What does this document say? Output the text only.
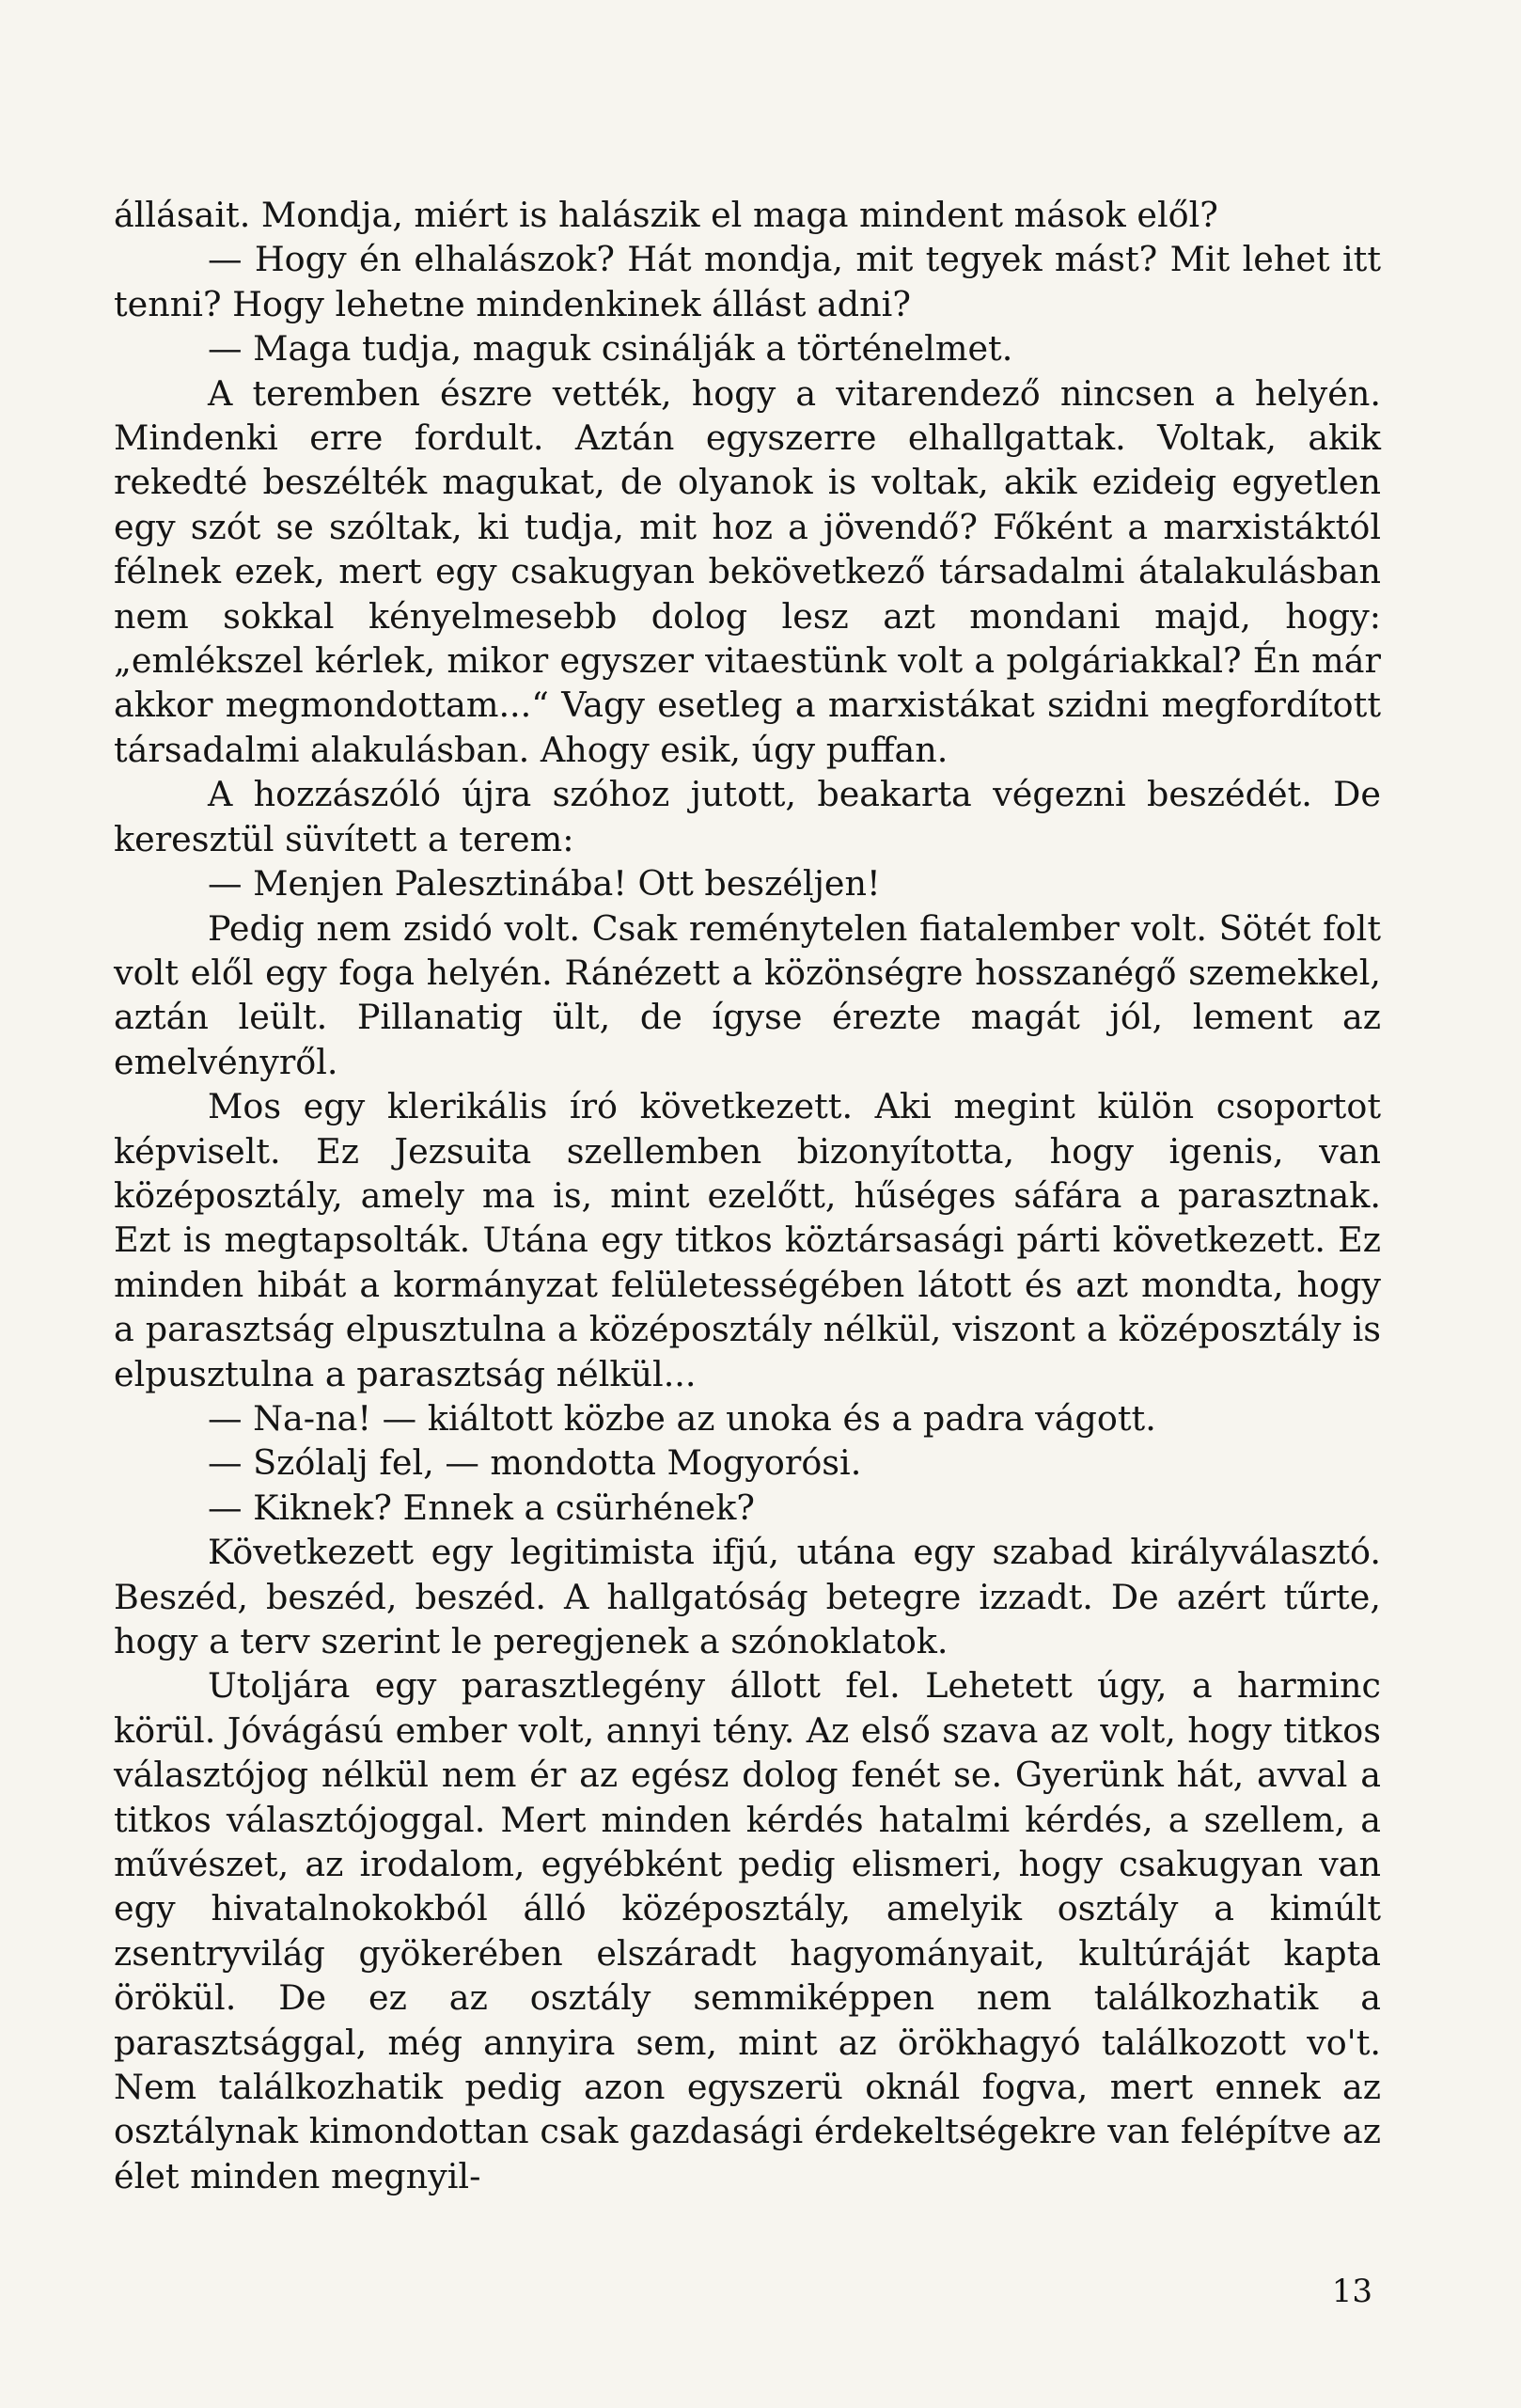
állásait. Mondja, miért is halászik el maga mindent mások elől?

— Hogy én elhalászok? Hát mondja, mit tegyek mást? Mit lehet itt tenni? Hogy lehetne mindenkinek állást adni?

— Maga tudja, maguk csinálják a történelmet.

A teremben észre vették, hogy a vitarendező nincsen a helyén. Mindenki erre fordult. Aztán egyszerre elhallgattak. Voltak, akik rekedté beszélték magukat, de olyanok is voltak, akik ezideig egyetlen egy szót se szóltak, ki tudja, mit hoz a jövendő? Főként a marxistáktól félnek ezek, mert egy csakugyan bekövetkező társadalmi átalakulásban nem sokkal kényelmesebb dolog lesz azt mondani majd, hogy: „emlékszel kérlek, mikor egyszer vitaestünk volt a polgáriakkal? Én már akkor megmondottam...“ Vagy esetleg a marxistákat szidni megfordított társadalmi alakulásban. Ahogy esik, úgy puffan.

A hozzászóló újra szóhoz jutott, beakarta végezni beszédét. De keresztül süvített a terem:

— Menjen Palesztinába! Ott beszéljen!

Pedig nem zsidó volt. Csak reménytelen fiatalember volt. Sötét folt volt elől egy foga helyén. Ránézett a közönségre hosszanégő szemekkel, aztán leült. Pillanatig ült, de ígyse érezte magát jól, lement az emelvényről.

Mos egy klerikális író következett. Aki megint külön csoportot képviselt. Ez Jezsuita szellemben bizonyította, hogy igenis, van középosztály, amely ma is, mint ezelőtt, hűséges sáfára a parasztnak. Ezt is megtapsolták. Utána egy titkos köztársasági párti következett. Ez minden hibát a kormányzat felületességében látott és azt mondta, hogy a parasztság elpusztulna a középosztály nélkül, viszont a középosztály is elpusztulna a parasztság nélkül...

— Na-na! — kiáltott közbe az unoka és a padra vágott.

— Szólalj fel, — mondotta Mogyorósi.

— Kiknek? Ennek a csürhének?

Következett egy legitimista ifjú, utána egy szabad királyválasztó. Beszéd, beszéd, beszéd. A hallgatóság betegre izzadt. De azért tűrte, hogy a terv szerint le peregjenek a szónoklatok.

Utoljára egy parasztlegény állott fel. Lehetett úgy, a harminc körül. Jóvágású ember volt, annyi tény. Az első szava az volt, hogy titkos választójog nélkül nem ér az egész dolog fenét se. Gyerünk hát, avval a titkos választójoggal. Mert minden kérdés hatalmi kérdés, a szellem, a művészet, az irodalom, egyébként pedig elismeri, hogy csakugyan van egy hivatalnokokból álló középosztály, amelyik osztály a kimúlt zsentryvilág gyökerében elszáradt hagyományait, kultúráját kapta örökül. De ez az osztály semmiképpen nem találkozhatik a parasztsággal, még annyira sem, mint az örökhagyó találkozott vo't. Nem találkozhatik pedig azon egyszerü oknál fogva, mert ennek az osztálynak kimondottan csak gazdasági érdekeltségekre van felépítve az élet minden megnyil-

13
